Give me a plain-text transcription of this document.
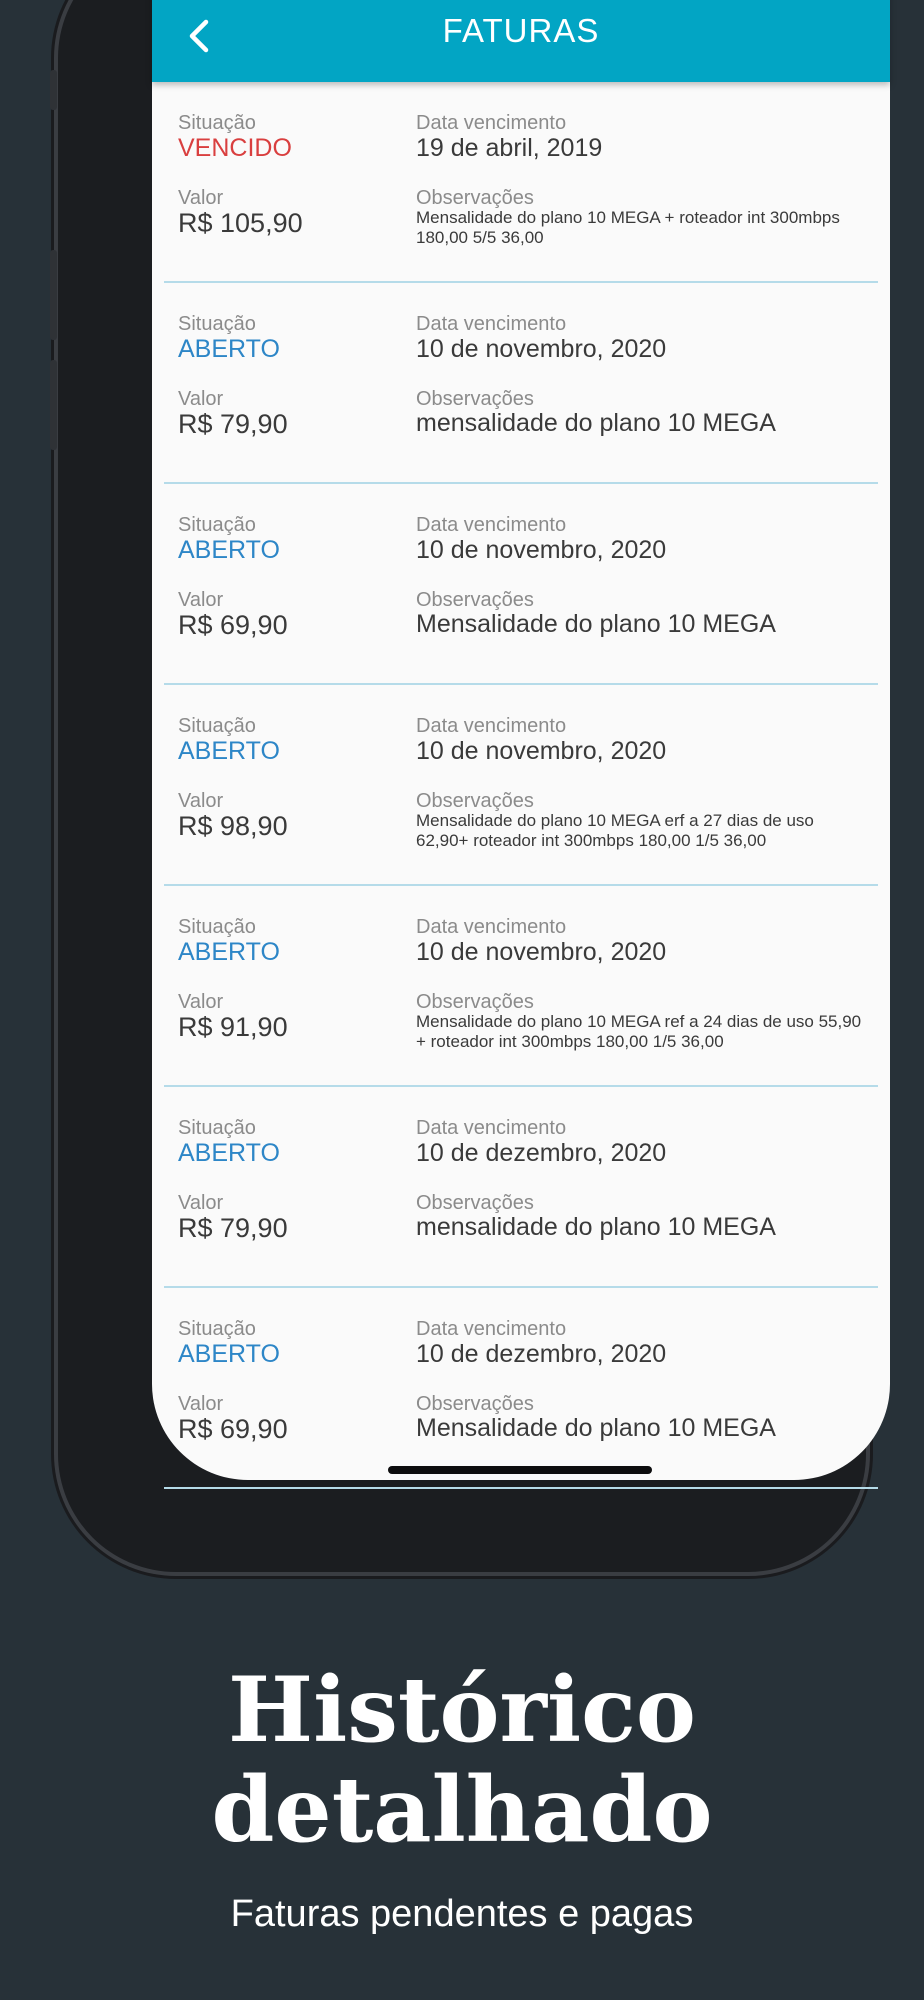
FATURAS
Situação
VENCIDO
Data vencimento
19 de abril, 2019
Valor
R$ 105,90
Observações
Mensalidade do plano 10 MEGA + roteador int 300mbps 180,00 5/5 36,00
Situação
ABERTO
Data vencimento
10 de novembro, 2020
Valor
R$ 79,90
Observações
mensalidade do plano 10 MEGA
Situação
ABERTO
Data vencimento
10 de novembro, 2020
Valor
R$ 69,90
Observações
Mensalidade do plano 10 MEGA
Situação
ABERTO
Data vencimento
10 de novembro, 2020
Valor
R$ 98,90
Observações
Mensalidade do plano 10 MEGA erf a 27 dias de uso 62,90+ roteador int 300mbps 180,00 1/5 36,00
Situação
ABERTO
Data vencimento
10 de novembro, 2020
Valor
R$ 91,90
Observações
Mensalidade do plano 10 MEGA ref a 24 dias de uso 55,90 + roteador int 300mbps 180,00 1/5 36,00
Situação
ABERTO
Data vencimento
10 de dezembro, 2020
Valor
R$ 79,90
Observações
mensalidade do plano 10 MEGA
Situação
ABERTO
Data vencimento
10 de dezembro, 2020
Valor
R$ 69,90
Observações
Mensalidade do plano 10 MEGA
Histórico
detalhado
Faturas pendentes e pagas
